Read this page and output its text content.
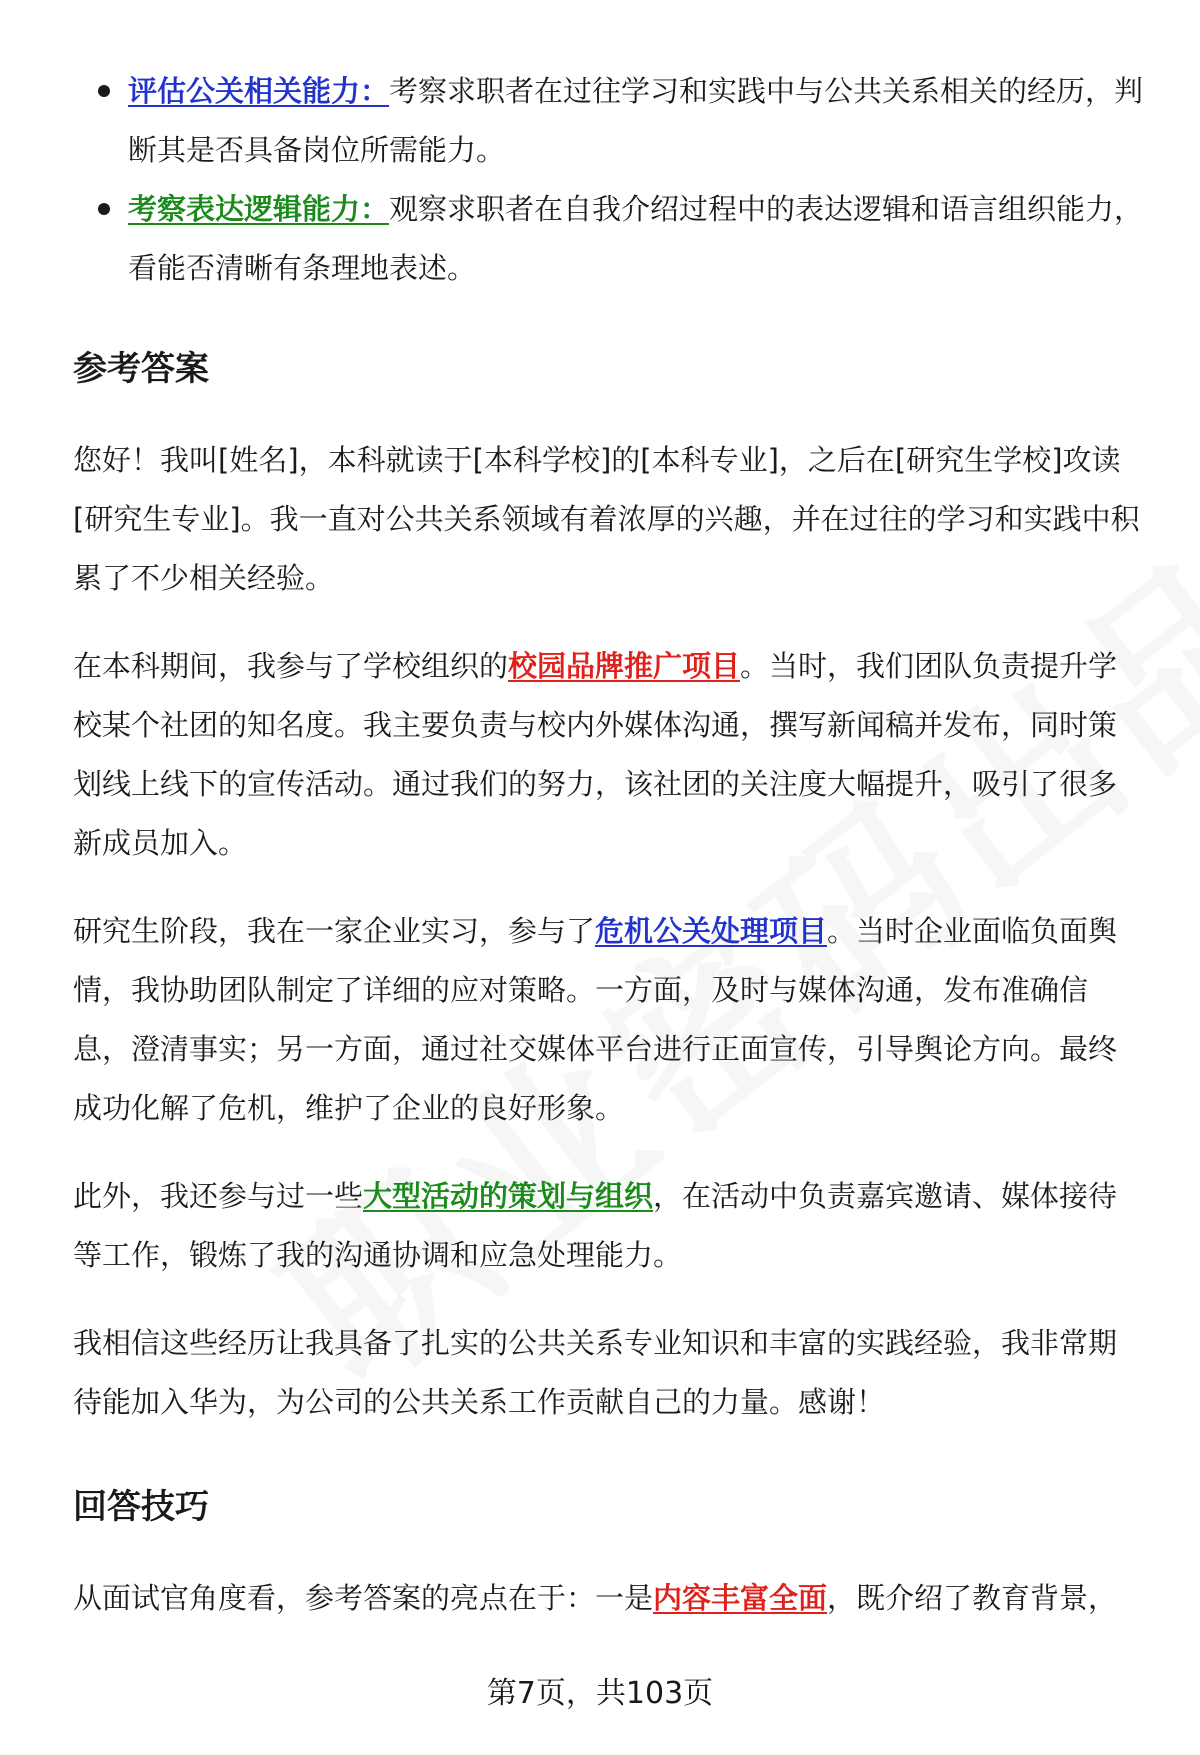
评估公关相关能力：考察求职者在过往学习和实践中与公共关系相关的经历，判断其是否具备岗位所需能力。
考察表达逻辑能力：观察求职者在自我介绍过程中的表达逻辑和语言组织能力，看能否清晰有条理地表述。
参考答案

您好！我叫[姓名]，本科就读于[本科学校]的[本科专业]，之后在[研究生学校]攻读[研究生专业]。我一直对公共关系领域有着浓厚的兴趣，并在过往的学习和实践中积累了不少相关经验。

在本科期间，我参与了学校组织的校园品牌推广项目。当时，我们团队负责提升学校某个社团的知名度。我主要负责与校内外媒体沟通，撰写新闻稿并发布，同时策划线上线下的宣传活动。通过我们的努力，该社团的关注度大幅提升，吸引了很多新成员加入。

研究生阶段，我在一家企业实习，参与了危机公关处理项目。当时企业面临负面舆情，我协助团队制定了详细的应对策略。一方面，及时与媒体沟通，发布准确信息，澄清事实；另一方面，通过社交媒体平台进行正面宣传，引导舆论方向。最终成功化解了危机，维护了企业的良好形象。

此外，我还参与过一些大型活动的策划与组织，在活动中负责嘉宾邀请、媒体接待等工作，锻炼了我的沟通协调和应急处理能力。

我相信这些经历让我具备了扎实的公共关系专业知识和丰富的实践经验，我非常期待能加入华为，为公司的公共关系工作贡献自己的力量。感谢！

回答技巧

从面试官角度看，参考答案的亮点在于：一是内容丰富全面，既介绍了教育背景，

第7页，共103页
